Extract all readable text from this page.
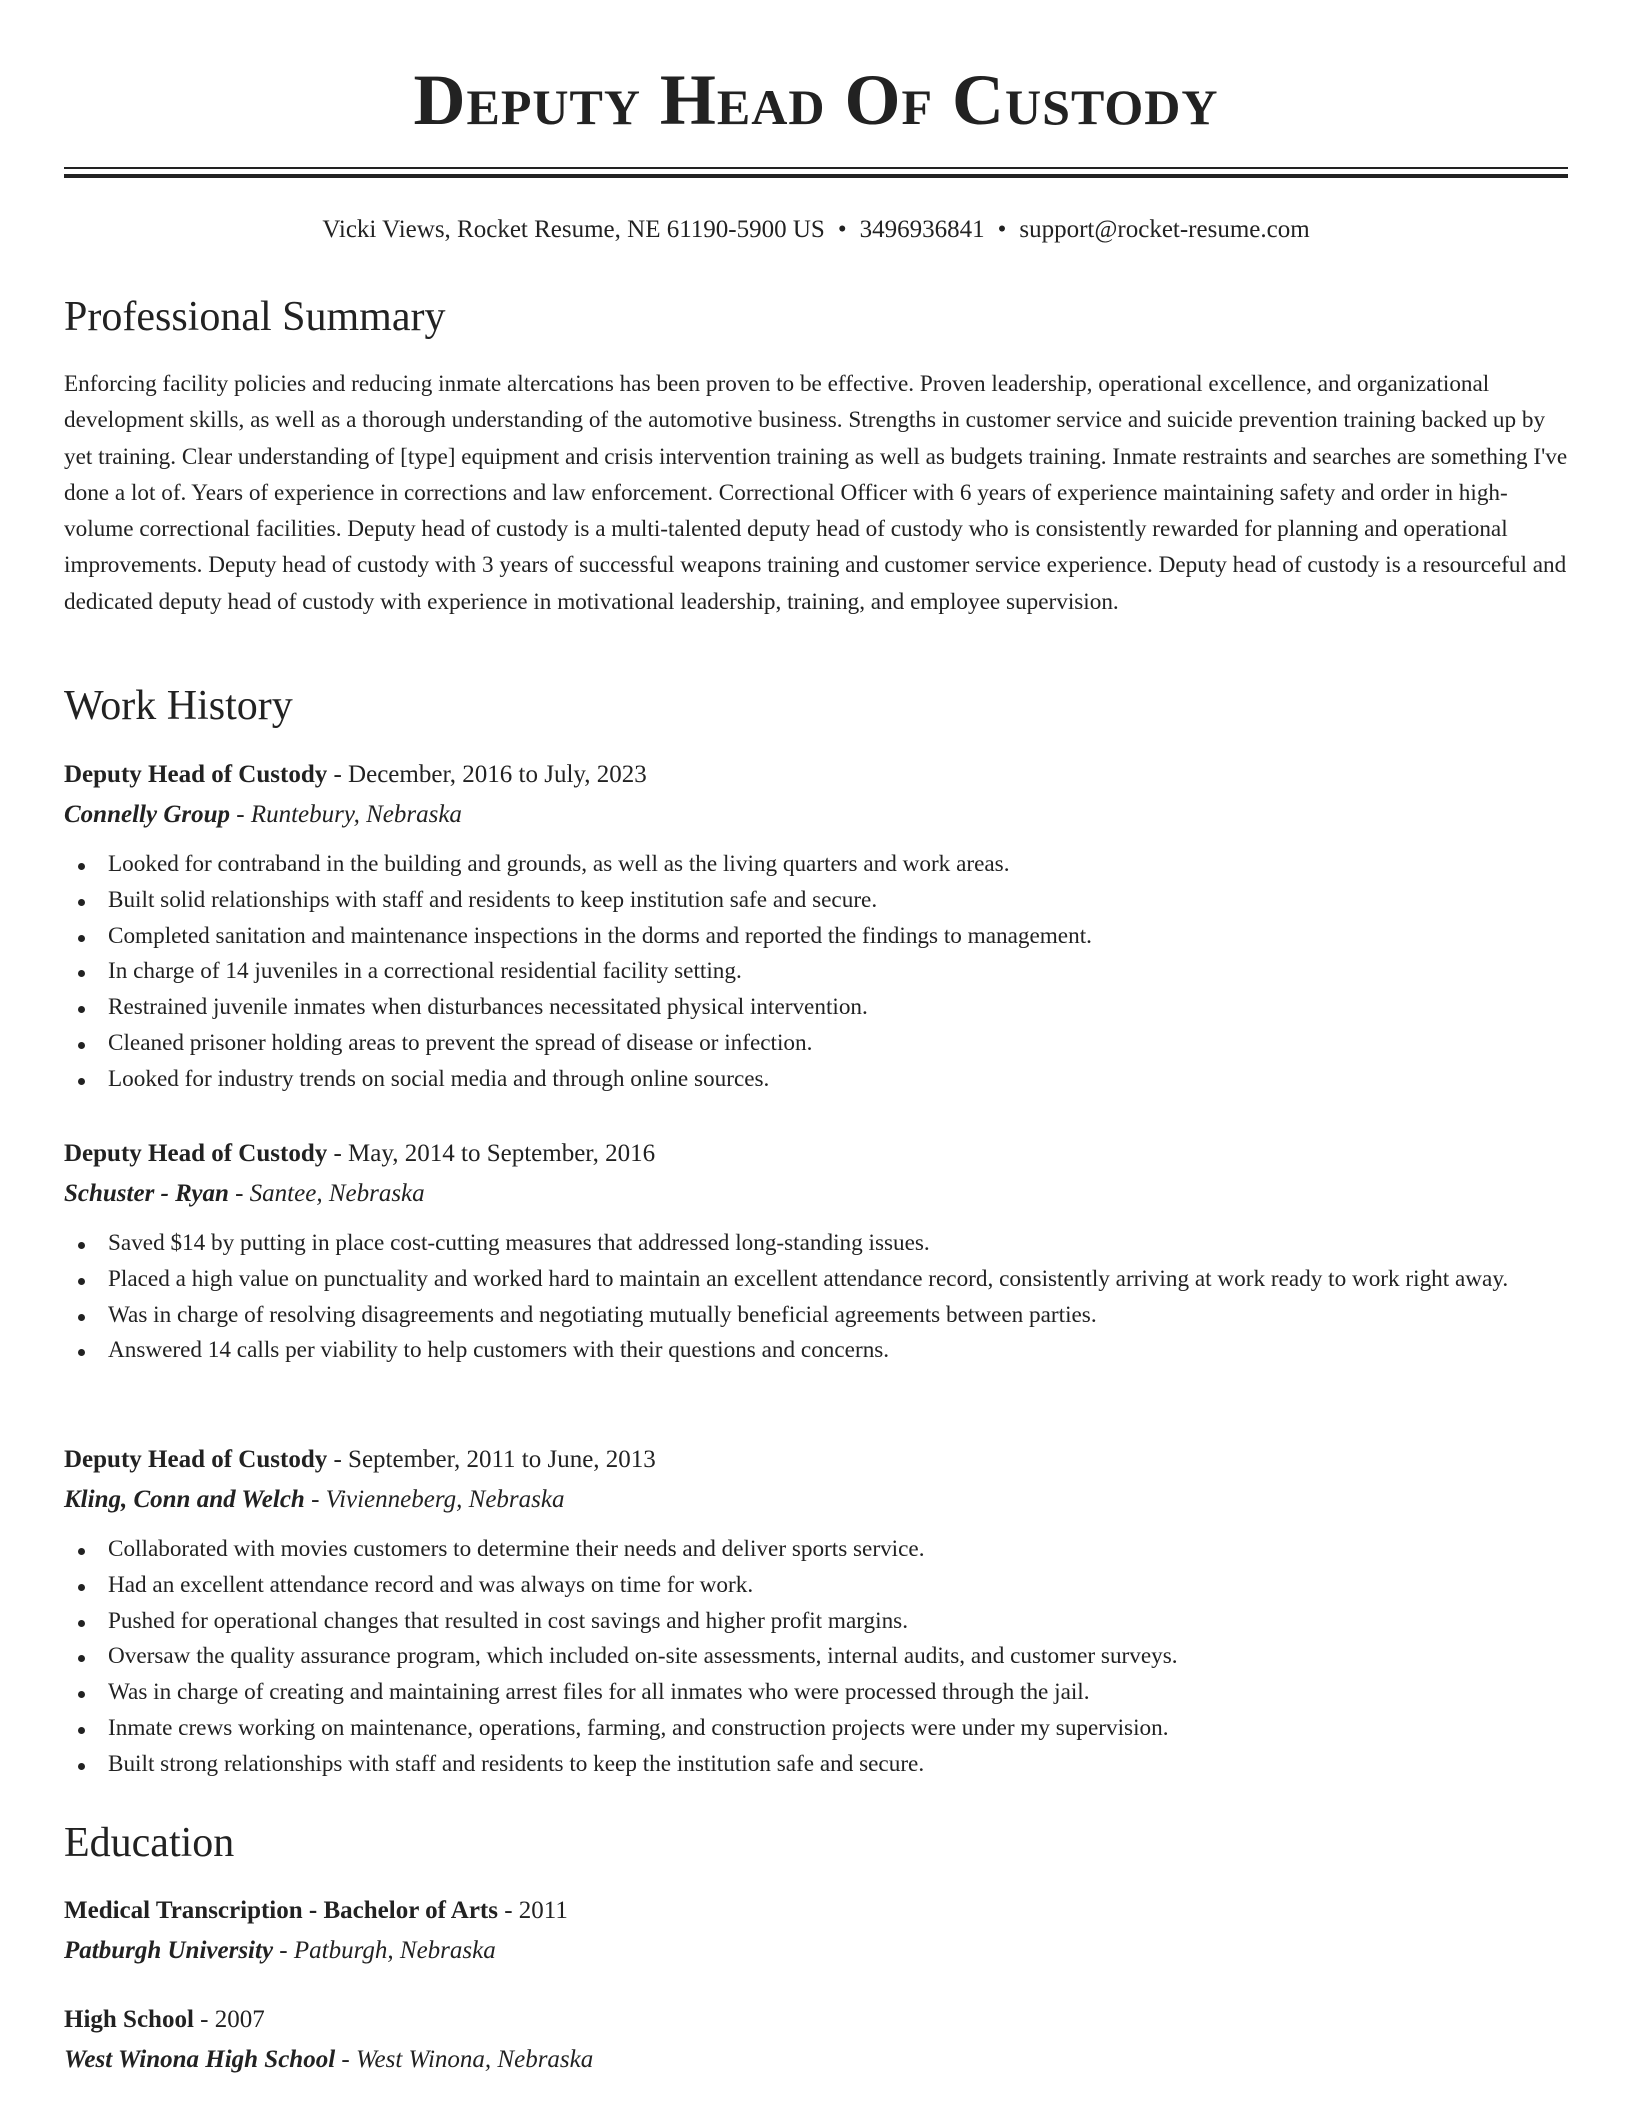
Deputy Head Of Custody
Vicki Views, Rocket Resume, NE 61190-5900 US • 3496936841 • support@rocket-resume.com
Professional Summary

Enforcing facility policies and reducing inmate altercations has been proven to be effective. Proven leadership, operational excellence, and organizational development skills, as well as a thorough understanding of the automotive business. Strengths in customer service and suicide prevention training backed up by yet training. Clear understanding of [type] equipment and crisis intervention training as well as budgets training. Inmate restraints and searches are something I've done a lot of. Years of experience in corrections and law enforcement. Correctional Officer with 6 years of experience maintaining safety and order in high-volume correctional facilities. Deputy head of custody is a multi-talented deputy head of custody who is consistently rewarded for planning and operational improvements. Deputy head of custody with 3 years of successful weapons training and customer service experience. Deputy head of custody is a resourceful and dedicated deputy head of custody with experience in motivational leadership, training, and employee supervision.

Work History
Deputy Head of Custody - December, 2016 to July, 2023
Connelly Group - Runtebury, Nebraska
Looked for contraband in the building and grounds, as well as the living quarters and work areas.
Built solid relationships with staff and residents to keep institution safe and secure.
Completed sanitation and maintenance inspections in the dorms and reported the findings to management.
In charge of 14 juveniles in a correctional residential facility setting.
Restrained juvenile inmates when disturbances necessitated physical intervention.
Cleaned prisoner holding areas to prevent the spread of disease or infection.
Looked for industry trends on social media and through online sources.
Deputy Head of Custody - May, 2014 to September, 2016
Schuster - Ryan - Santee, Nebraska
Saved $14 by putting in place cost-cutting measures that addressed long-standing issues.
Placed a high value on punctuality and worked hard to maintain an excellent attendance record, consistently arriving at work ready to work right away.
Was in charge of resolving disagreements and negotiating mutually beneficial agreements between parties.
Answered 14 calls per viability to help customers with their questions and concerns.
Deputy Head of Custody - September, 2011 to June, 2013
Kling, Conn and Welch - Vivienneberg, Nebraska
Collaborated with movies customers to determine their needs and deliver sports service.
Had an excellent attendance record and was always on time for work.
Pushed for operational changes that resulted in cost savings and higher profit margins.
Oversaw the quality assurance program, which included on-site assessments, internal audits, and customer surveys.
Was in charge of creating and maintaining arrest files for all inmates who were processed through the jail.
Inmate crews working on maintenance, operations, farming, and construction projects were under my supervision.
Built strong relationships with staff and residents to keep the institution safe and secure.
Education
Medical Transcription - Bachelor of Arts - 2011
Patburgh University - Patburgh, Nebraska
High School - 2007
West Winona High School - West Winona, Nebraska
